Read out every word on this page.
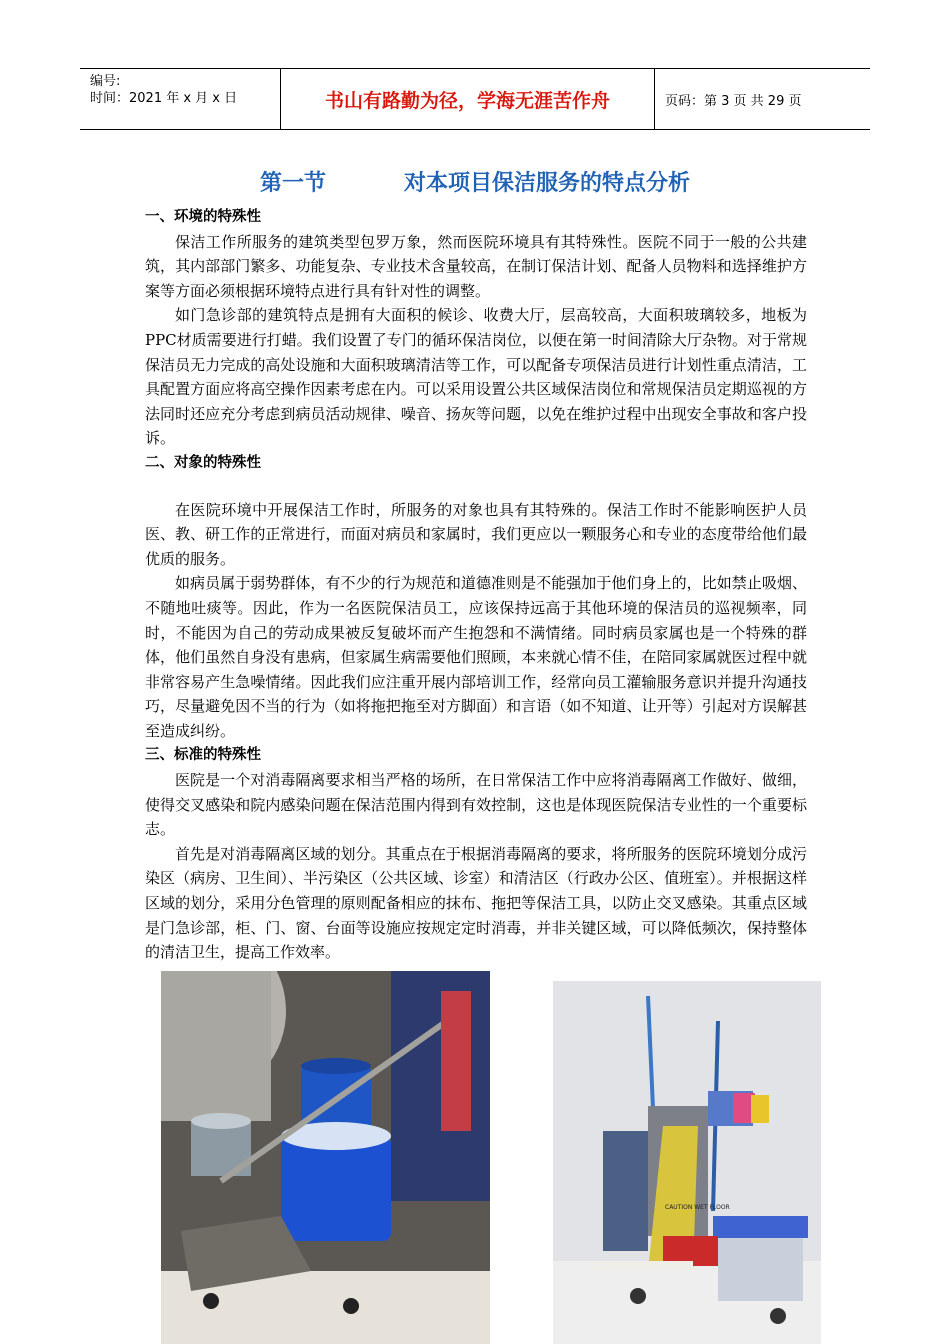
编号:
时间：2021 年 x 月 x 日	书山有路勤为径，学海无涯苦作舟	页码：第 3 页 共 29 页
第一节	对本项目保洁服务的特点分析
一、环境的特殊性

保洁工作所服务的建筑类型包罗万象，然而医院环境具有其特殊性。医院不同于一般的公共建筑，其内部部门繁多、功能复杂、专业技术含量较高，在制订保洁计划、配备人员物料和选择维护方案等方面必须根据环境特点进行具有针对性的调整。

如门急诊部的建筑特点是拥有大面积的候诊、收费大厅，层高较高，大面积玻璃较多，地板为PPC材质需要进行打蜡。我们设置了专门的循环保洁岗位，以便在第一时间清除大厅杂物。对于常规保洁员无力完成的高处设施和大面积玻璃清洁等工作，可以配备专项保洁员进行计划性重点清洁，工具配置方面应将高空操作因素考虑在内。可以采用设置公共区域保洁岗位和常规保洁员定期巡视的方法同时还应充分考虑到病员活动规律、噪音、扬灰等问题，以免在维护过程中出现安全事故和客户投诉。

二、对象的特殊性

在医院环境中开展保洁工作时，所服务的对象也具有其特殊的。保洁工作时不能影响医护人员医、教、研工作的正常进行，而面对病员和家属时，我们更应以一颗服务心和专业的态度带给他们最优质的服务。

如病员属于弱势群体，有不少的行为规范和道德准则是不能强加于他们身上的，比如禁止吸烟、不随地吐痰等。因此，作为一名医院保洁员工，应该保持远高于其他环境的保洁员的巡视频率，同时，不能因为自己的劳动成果被反复破坏而产生抱怨和不满情绪。同时病员家属也是一个特殊的群体，他们虽然自身没有患病，但家属生病需要他们照顾，本来就心情不佳，在陪同家属就医过程中就非常容易产生急噪情绪。因此我们应注重开展内部培训工作，经常向员工灌输服务意识并提升沟通技巧，尽量避免因不当的行为（如将拖把拖至对方脚面）和言语（如不知道、让开等）引起对方误解甚至造成纠纷。

三、标准的特殊性

医院是一个对消毒隔离要求相当严格的场所，在日常保洁工作中应将消毒隔离工作做好、做细，使得交叉感染和院内感染问题在保洁范围内得到有效控制，这也是体现医院保洁专业性的一个重要标志。

首先是对消毒隔离区域的划分。其重点在于根据消毒隔离的要求，将所服务的医院环境划分成污染区（病房、卫生间）、半污染区（公共区域、诊室）和清洁区（行政办公区、值班室）。并根据这样区域的划分，采用分色管理的原则配备相应的抹布、拖把等保洁工具，以防止交叉感染。其重点区域是门急诊部，柜、门、窗、台面等设施应按规定定时消毒，并非关键区域，可以降低频次，保持整体的清洁卫生，提高工作效率。

CAUTION WET FLOOR
